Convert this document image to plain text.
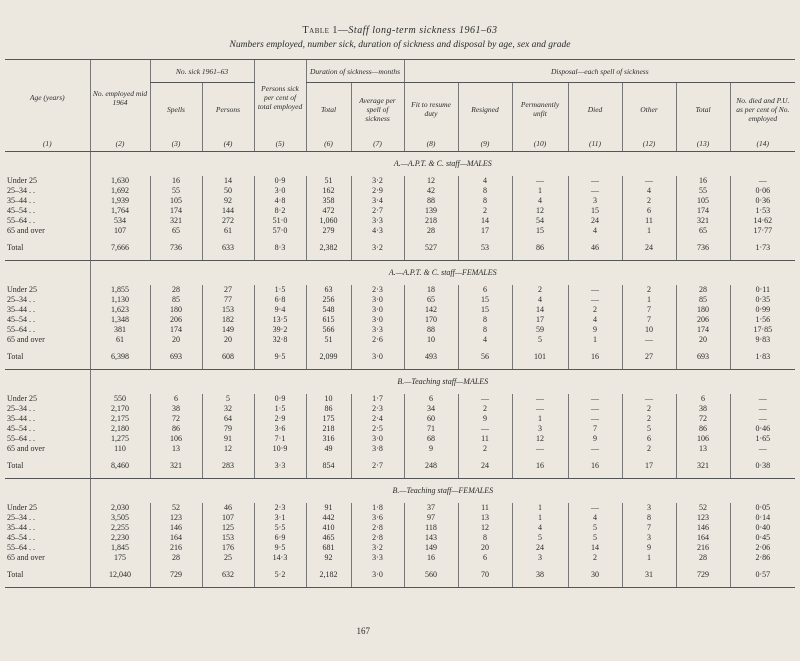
Table 1—Staff long-term sickness 1961–63
Numbers employed, number sick, duration of sickness and disposal by age, sex and grade
Age (years)	No. employed mid 1964	No. sick 1961–63		Persons sick per cent of total employed	Duration of sickness—months		Disposal—each spell of sickness						
		Spells	Persons		Total	Average per spell of sickness	Fit to resume duty	Resigned	Permanently unfit	Died	Other	Total	No. died and P.U. as per cent of No. employed
(1)	(2)	(3)	(4)	(5)	(6)	(7)	(8)	(9)	(10)	(11)	(12)	(13)	(14)
	A.—A.P.T. & C. staff—MALES												
Under 25	1,630	16	14	0·9	51	3·2	12	4	—	—	—	16	—
25–34 . .	1,692	55	50	3·0	162	2·9	42	8	1	—	4	55	0·06
35–44 . .	1,939	105	92	4·8	358	3·4	88	8	4	3	2	105	0·36
45–54 . .	1,764	174	144	8·2	472	2·7	139	2	12	15	6	174	1·53
55–64 . .	534	321	272	51·0	1,060	3·3	218	14	54	24	11	321	14·62
65 and over	107	65	61	57·0	279	4·3	28	17	15	4	1	65	17·77
Total	7,666	736	633	8·3	2,382	3·2	527	53	86	46	24	736	1·73
	A.—A.P.T. & C. staff—FEMALES												
Under 25	1,855	28	27	1·5	63	2·3	18	6	2	—	2	28	0·11
25–34 . .	1,130	85	77	6·8	256	3·0	65	15	4	—	1	85	0·35
35–44 . .	1,623	180	153	9·4	548	3·0	142	15	14	2	7	180	0·99
45–54 . .	1,348	206	182	13·5	615	3·0	170	8	17	4	7	206	1·56
55–64 . .	381	174	149	39·2	566	3·3	88	8	59	9	10	174	17·85
65 and over	61	20	20	32·8	51	2·6	10	4	5	1	—	20	9·83
Total	6,398	693	608	9·5	2,099	3·0	493	56	101	16	27	693	1·83
	B.—Teaching staff—MALES												
Under 25	550	6	5	0·9	10	1·7	6	—	—	—	—	6	—
25–34 . .	2,170	38	32	1·5	86	2·3	34	2	—	—	2	38	—
35–44 . .	2,175	72	64	2·9	175	2·4	60	9	1	—	2	72	—
45–54 . .	2,180	86	79	3·6	218	2·5	71	—	3	7	5	86	0·46
55–64 . .	1,275	106	91	7·1	316	3·0	68	11	12	9	6	106	1·65
65 and over	110	13	12	10·9	49	3·8	9	2	—	—	2	13	—
Total	8,460	321	283	3·3	854	2·7	248	24	16	16	17	321	0·38
	B.—Teaching staff—FEMALES												
Under 25	2,030	52	46	2·3	91	1·8	37	11	1	—	3	52	0·05
25–34 . .	3,505	123	107	3·1	442	3·6	97	13	1	4	8	123	0·14
35–44 . .	2,255	146	125	5·5	410	2·8	118	12	4	5	7	146	0·40
45–54 . .	2,230	164	153	6·9	465	2·8	143	8	5	5	3	164	0·45
55–64 . .	1,845	216	176	9·5	681	3·2	149	20	24	14	9	216	2·06
65 and over	175	28	25	14·3	92	3·3	16	6	3	2	1	28	2·86
Total	12,040	729	632	5·2	2,182	3·0	560	70	38	30	31	729	0·57
167
